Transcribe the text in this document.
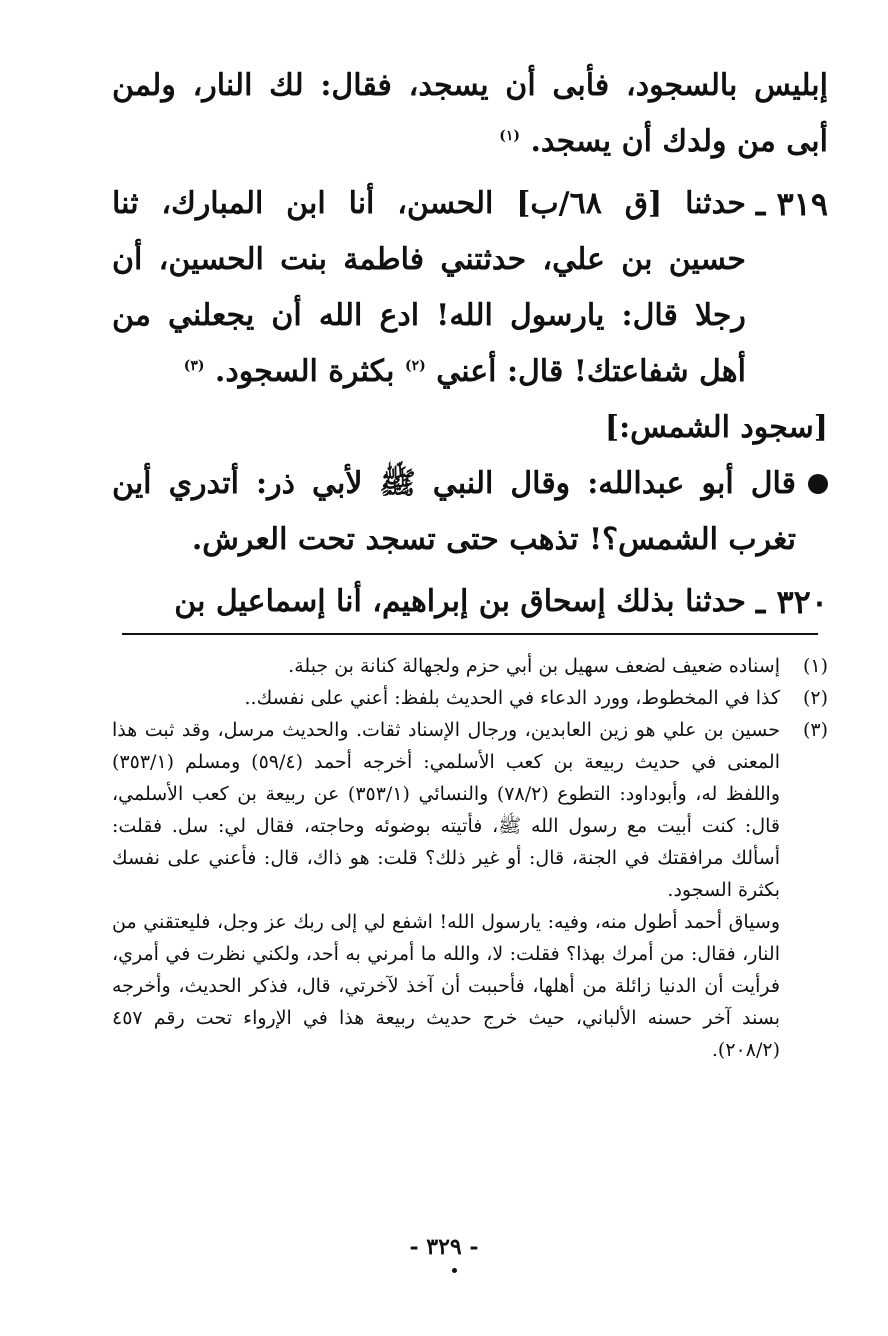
إبليس بالسجود، فأبى أن يسجد، فقال: لك النار، ولمن أبى من ولدك أن يسجد. $^{(١)}$

٣١٩ ـ
حدثنا [ق ٦٨/ب] الحسن، أنا ابن المبارك، ثنا حسين بن علي، حدثتني فاطمة بنت الحسين، أن رجلا قال: يارسول الله! ادع الله أن يجعلني من أهل شفاعتك! قال: أعني $^{(٢)}$ بكثرة السجود. $^{(٣)}$

[سجود الشمس:]

قال أبو عبدالله: وقال النبي ﷺ لأبي ذر: أتدري أين تغرب الشمس؟! تذهب حتى تسجد تحت العرش.
٣٢٠ ـ
حدثنا بذلك إسحاق بن إبراهيم، أنا إسماعيل بن
(١)
إسناده ضعيف لضعف سهيل بن أبي حزم ولجهالة كنانة بن جبلة.
(٢)
كذا في المخطوط، وورد الدعاء في الحديث بلفظ: أعني على نفسك..
(٣)

حسين بن علي هو زين العابدين، ورجال الإسناد ثقات. والحديث مرسل، وقد ثبت هذا المعنى في حديث ربيعة بن كعب الأسلمي: أخرجه أحمد (٥٩/٤) ومسلم (٣٥٣/١) واللفظ له، وأبوداود: التطوع (٧٨/٢) والنسائي (٣٥٣/١) عن ربيعة بن كعب الأسلمي، قال: كنت أبيت مع رسول الله ﷺ، فأتيته بوضوئه وحاجته، فقال لي: سل. فقلت: أسألك مرافقتك في الجنة، قال: أو غير ذلك؟ قلت: هو ذاك، قال: فأعني على نفسك بكثرة السجود.

وسياق أحمد أطول منه، وفيه: يارسول الله! اشفع لي إلى ربك عز وجل، فليعتقني من النار، فقال: من أمرك بهذا؟ فقلت: لا، والله ما أمرني به أحد، ولكني نظرت في أمري، فرأيت أن الدنيا زائلة من أهلها، فأحببت أن آخذ لآخرتي، قال، فذكر الحديث، وأخرجه بسند آخر حسنه الألباني، حيث خرج حديث ربيعة هذا في الإرواء تحت رقم ٤٥٧ (٢٠٨/٢).

- ٣٢٩ -
